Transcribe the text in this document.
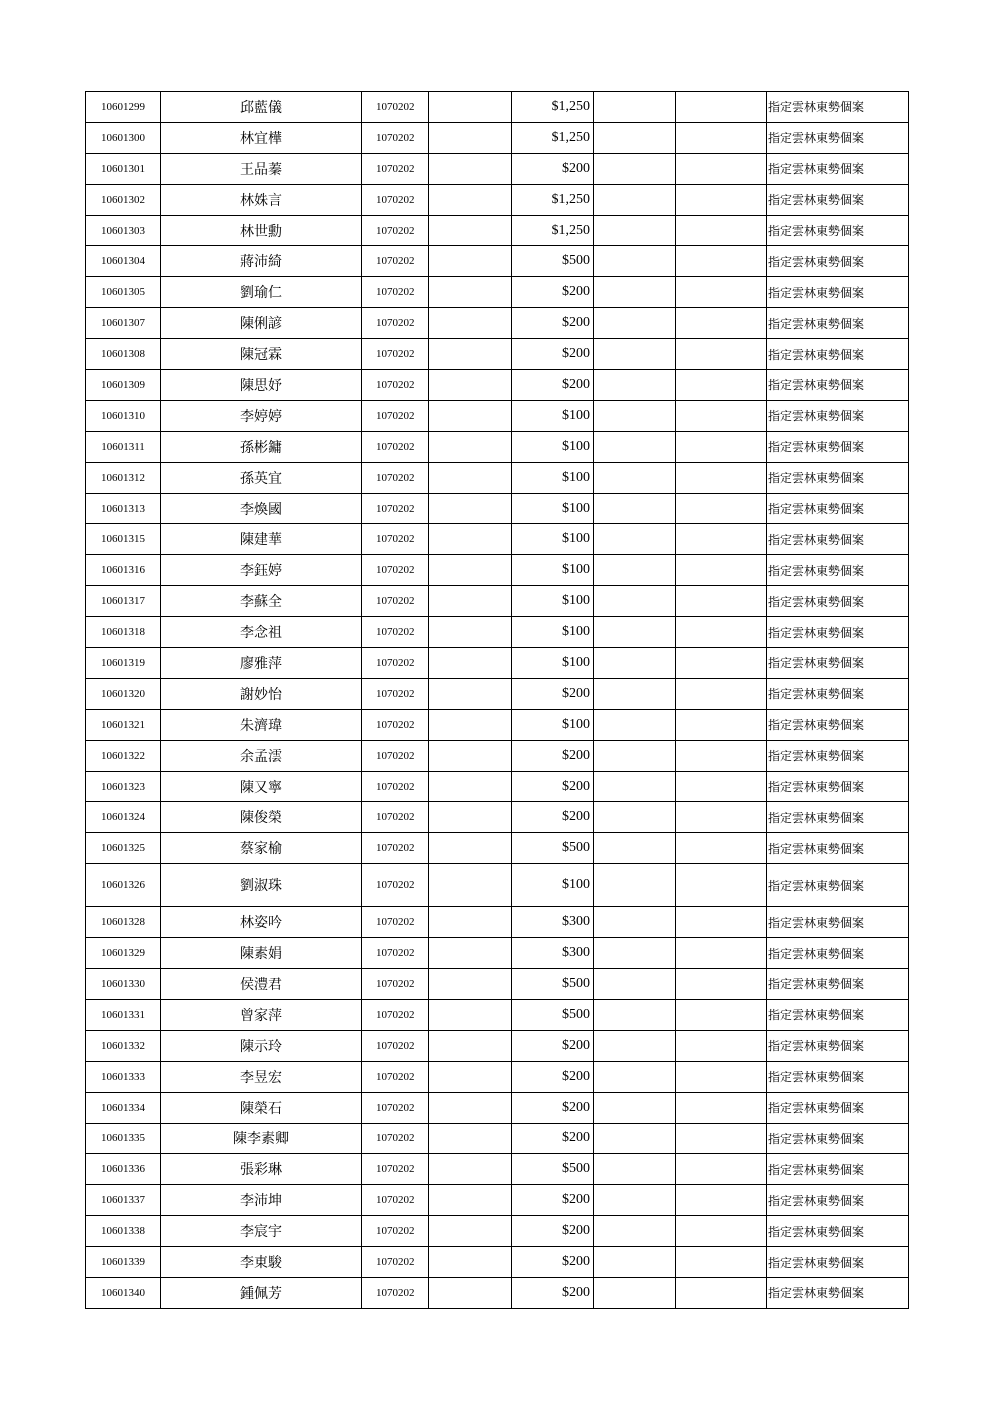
10601299	邱藍儀	1070202		$1,250			指定雲林東勢個案
10601300	林宜樺	1070202		$1,250			指定雲林東勢個案
10601301	王品蓁	1070202		$200			指定雲林東勢個案
10601302	林姝言	1070202		$1,250			指定雲林東勢個案
10601303	林世勳	1070202		$1,250			指定雲林東勢個案
10601304	蔣沛綺	1070202		$500			指定雲林東勢個案
10601305	劉瑜仁	1070202		$200			指定雲林東勢個案
10601307	陳俐諺	1070202		$200			指定雲林東勢個案
10601308	陳冠霖	1070202		$200			指定雲林東勢個案
10601309	陳思妤	1070202		$200			指定雲林東勢個案
10601310	李婷婷	1070202		$100			指定雲林東勢個案
10601311	孫彬鏞	1070202		$100			指定雲林東勢個案
10601312	孫英宜	1070202		$100			指定雲林東勢個案
10601313	李煥國	1070202		$100			指定雲林東勢個案
10601315	陳建華	1070202		$100			指定雲林東勢個案
10601316	李鈺婷	1070202		$100			指定雲林東勢個案
10601317	李蘇全	1070202		$100			指定雲林東勢個案
10601318	李念祖	1070202		$100			指定雲林東勢個案
10601319	廖雅萍	1070202		$100			指定雲林東勢個案
10601320	謝妙怡	1070202		$200			指定雲林東勢個案
10601321	朱濟瑋	1070202		$100			指定雲林東勢個案
10601322	余孟澐	1070202		$200			指定雲林東勢個案
10601323	陳又寧	1070202		$200			指定雲林東勢個案
10601324	陳俊榮	1070202		$200			指定雲林東勢個案
10601325	蔡家榆	1070202		$500			指定雲林東勢個案
10601326	劉淑珠	1070202		$100			指定雲林東勢個案
10601328	林姿吟	1070202		$300			指定雲林東勢個案
10601329	陳素娟	1070202		$300			指定雲林東勢個案
10601330	侯澧君	1070202		$500			指定雲林東勢個案
10601331	曾家萍	1070202		$500			指定雲林東勢個案
10601332	陳示玲	1070202		$200			指定雲林東勢個案
10601333	李昱宏	1070202		$200			指定雲林東勢個案
10601334	陳榮石	1070202		$200			指定雲林東勢個案
10601335	陳李素卿	1070202		$200			指定雲林東勢個案
10601336	張彩琳	1070202		$500			指定雲林東勢個案
10601337	李沛坤	1070202		$200			指定雲林東勢個案
10601338	李宸宇	1070202		$200			指定雲林東勢個案
10601339	李東駿	1070202		$200			指定雲林東勢個案
10601340	鍾佩芳	1070202		$200			指定雲林東勢個案
